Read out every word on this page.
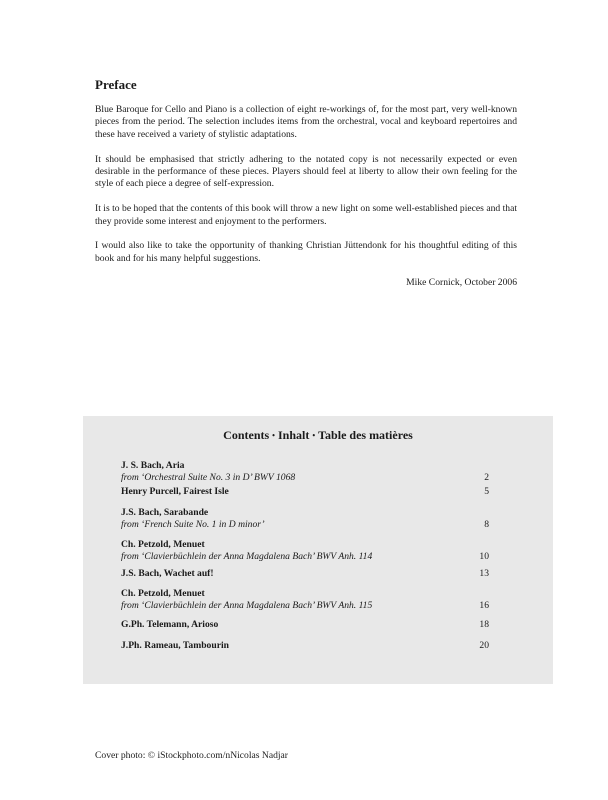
Preface

Blue Baroque for Cello and Piano is a collection of eight re-workings of, for the most part, very well-known pieces from the period. The selection includes items from the orchestral, vocal and keyboard repertoires and these have received a variety of stylistic adaptations.

It should be emphasised that strictly adhering to the notated copy is not necessarily expected or even desirable in the performance of these pieces. Players should feel at liberty to allow their own feeling for the style of each piece a degree of self-expression.

It is to be hoped that the contents of this book will throw a new light on some well-established pieces and that they provide some interest and enjoyment to the performers.

I would also like to take the opportunity of thanking Christian Jüttendonk for his thoughtful editing of this book and for his many helpful suggestions.

Mike Cornick, October 2006
Contents • Inhalt • Table des matières
J. S. Bach, Aria
from ‘Orchestral Suite No. 3 in D’ BWV 1068	2
Henry Purcell, Fairest Isle	5
J.S. Bach, Sarabande
from ‘French Suite No. 1 in D minor’	8
Ch. Petzold, Menuet
from ‘Clavierbüchlein der Anna Magdalena Bach’ BWV Anh. 114	10
J.S. Bach, Wachet auf!	13
Ch. Petzold, Menuet
from ‘Clavierbüchlein der Anna Magdalena Bach’ BWV Anh. 115	16
G.Ph. Telemann, Arioso	18
J.Ph. Rameau, Tambourin	20
Cover photo: © iStockphoto.com/nNicolas Nadjar
